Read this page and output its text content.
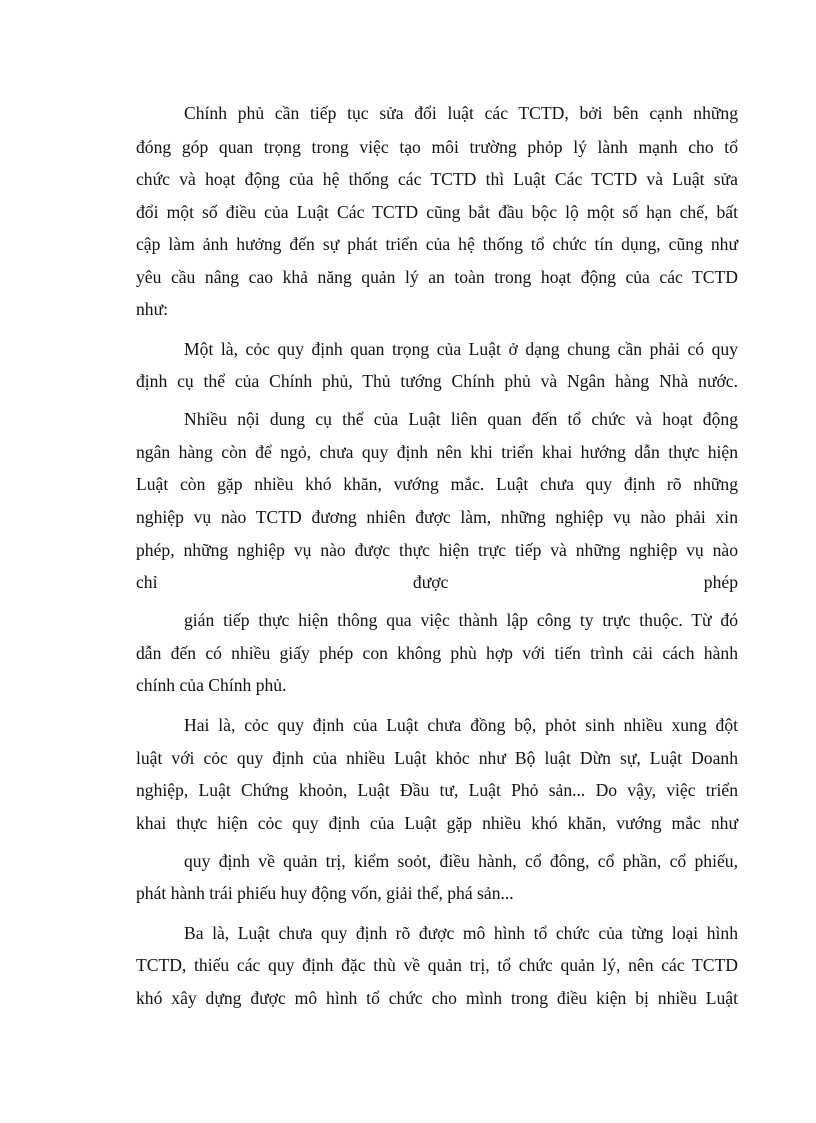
Chính phủ cần tiếp tục sửa đổi luật các TCTD, bởi bên cạnh những
đóng góp quan trọng trong việc tạo môi trường phỏp lý lành mạnh cho tổ
chức và hoạt động của hệ thống các TCTD thì Luật Các TCTD và Luật sửa
đổi một số điều của Luật Các TCTD cũng bắt đầu bộc lộ một số hạn chế, bất
cập làm ảnh hưởng đến sự phát triển của hệ thống tổ chức tín dụng, cũng như
yêu cầu nâng cao khả năng quản lý an toàn trong hoạt động của các TCTD
như:
Một là, cỏc quy định quan trọng của Luật ở dạng chung cần phải có quy
định cụ thể của Chính phủ, Thủ tướng Chính phủ và Ngân hàng Nhà nước.
Nhiều nội dung cụ thể của Luật liên quan đến tổ chức và hoạt động
ngân hàng còn để ngỏ, chưa quy định nên khi triển khai hướng dẫn thực hiện
Luật còn gặp nhiều khó khăn, vướng mắc. Luật chưa quy định rõ những
nghiệp vụ nào TCTD đương nhiên được làm, những nghiệp vụ nào phải xin
phép, những nghiệp vụ nào được thực hiện trực tiếp và những nghiệp vụ nào
chỉ được phép
gián tiếp thực hiện thông qua việc thành lập công ty trực thuộc. Từ đó
dẫn đến có nhiều giấy phép con không phù hợp với tiến trình cải cách hành
chính của Chính phủ.
Hai là, cỏc quy định của Luật chưa đồng bộ, phỏt sinh nhiều xung đột
luật với cỏc quy định của nhiều Luật khỏc như Bộ luật Dừn sự, Luật Doanh
nghiệp, Luật Chứng khoỏn, Luật Đầu tư, Luật Phỏ sản... Do vậy, việc triển
khai thực hiện cỏc quy định của Luật gặp nhiều khó khăn, vướng mắc như
quy định về quản trị, kiểm soỏt, điều hành, cổ đông, cổ phần, cổ phiếu,
phát hành trái phiếu huy động vốn, giải thể, phá sản...
Ba là, Luật chưa quy định rõ được mô hình tổ chức của từng loại hình
TCTD, thiếu các quy định đặc thù về quản trị, tổ chức quản lý, nên các TCTD
khó xây dựng được mô hình tổ chức cho mình trong điều kiện bị nhiều Luật
